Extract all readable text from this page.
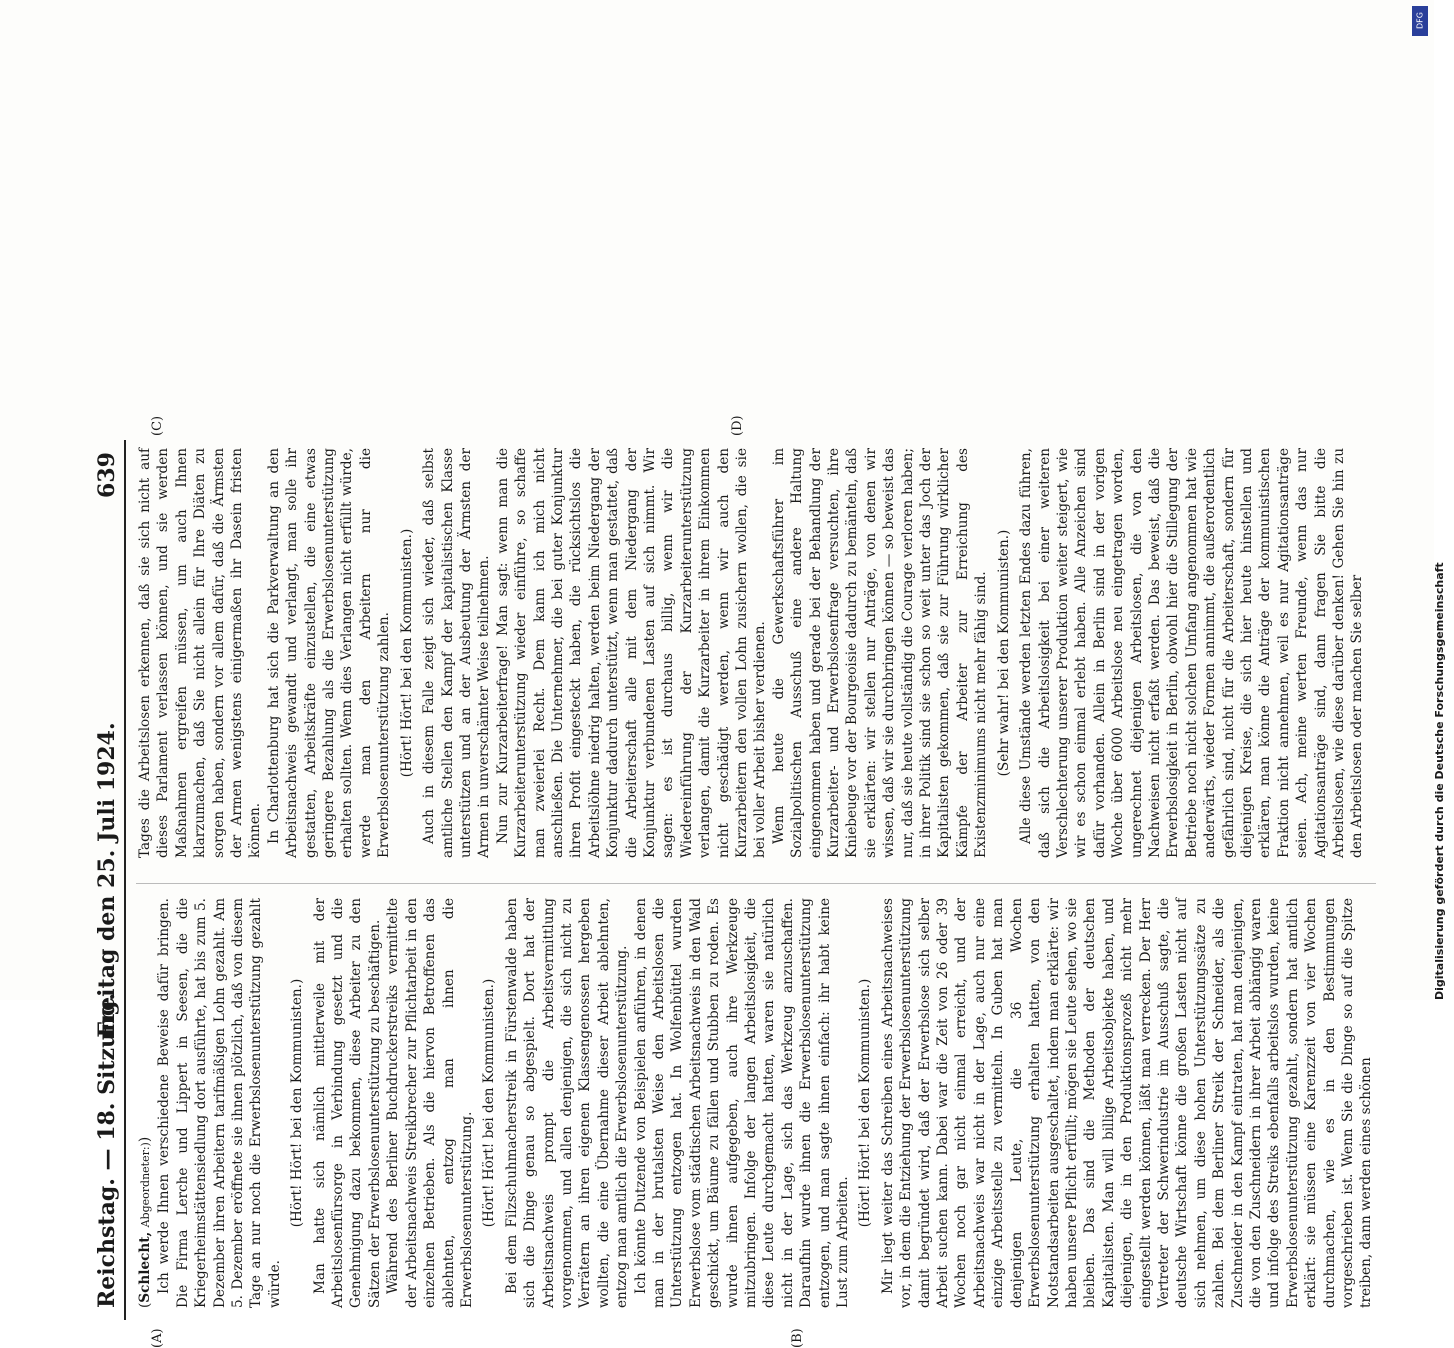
Reichstag. — 18. Sitzung.
Freitag den 25. Juli 1924.
639
(A)	(B)
(C)	(D)

(Schlecht, Abgeordneter:)) Ich werde Ihnen verschiedene Beweise dafür bringen. Die Firma Lerche und Lippert in Seesen, die die Kriegerheimstättensiedlung dort ausführte, hat bis zum 5. Dezember ihren Arbeitern tarifmäßigen Lohn gezahlt. Am 5. Dezember eröffnete sie ihnen plötzlich, daß von diesem Tage an nur noch die Erwerbslosenunterstützung gezahlt würde.

(Hört! Hört! bei den Kommunisten.) Man hatte sich nämlich mittlerweile mit der Arbeitslosenfürsorge in Verbindung gesetzt und die Genehmigung dazu bekommen, diese Arbeiter zu den Sätzen der Erwerbslosenunterstützung zu beschäftigen. Während des Berliner Buchdruckerstreiks vermittelte der Arbeitsnachweis Streikbrecher zur Pflichtarbeit in den einzelnen Betrieben. Als die hiervon Betroffenen das ablehnten, entzog man ihnen die Erwerbslosenunterstützung. (Hört! Hört! bei den Kommunisten.) Bei dem Filzschuhmacherstreik in Fürstenwalde haben sich die Dinge genau so abgespielt. Dort hat der Arbeitsnachweis prompt die Arbeitsvermittlung vorgenommen, und allen denjenigen, die sich nicht zu Verrätern an ihren eigenen Klassengenossen hergeben wollten, die eine Übernahme dieser Arbeit ablehnten, entzog man amtlich die Erwerbslosenunterstützung. Ich könnte Dutzende von Beispielen anführen, in denen man in der brutalsten Weise den Arbeitslosen die Unterstützung entzogen hat. In Wolfenbüttel wurden Erwerbslose vom städtischen Arbeitsnachweis in den Wald geschickt, um Bäume zu fällen und Stubben zu roden. Es wurde ihnen aufgegeben, auch ihre Werkzeuge mitzubringen. Infolge der langen Arbeitslosigkeit, die diese Leute durchgemacht hatten, waren sie natürlich nicht in der Lage, sich das Werkzeug anzuschaffen. Daraufhin wurde ihnen die Erwerbslosenunterstützung entzogen, und man sagte ihnen einfach: ihr habt keine Lust zum Arbeiten.

(Hört! Hört! bei den Kommunisten.) Mir liegt weiter das Schreiben eines Arbeitsnachweises vor, in dem die Entziehung der Erwerbslosenunterstützung damit begründet wird, daß der Erwerbslose sich selber Arbeit suchen kann. Dabei war die Zeit von 26 oder 39 Wochen noch gar nicht einmal erreicht, und der Arbeitsnachweis war nicht in der Lage, auch nur eine einzige Arbeitsstelle zu vermitteln. In Guben hat man denjenigen Leute, die 36 Wochen Erwerbslosenunterstützung erhalten hatten, von den Notstandsarbeiten ausgeschaltet, indem man erklärte: wir haben unsere Pflicht erfüllt; mögen sie Leute sehen, wo sie bleiben. Das sind die Methoden der deutschen Kapitalisten. Man will billige Arbeitsobjekte haben, und diejenigen, die in den Produktionsprozeß nicht mehr eingestellt werden können, läßt man verrecken. Der Herr Vertreter der Schwerindustrie im Ausschuß sagte, die deutsche Wirtschaft könne die großen Lasten nicht auf sich nehmen, um diese hohen Unterstützungssätze zu zahlen. Bei dem Berliner Streik der Schneider, als die Zuschneider in den Kampf eintraten, hat man denjenigen, die von den Zuschneidern in ihrer Arbeit abhängig waren und infolge des Streiks ebenfalls arbeitslos wurden, keine Erwerbslosenunterstützung gezahlt, sondern hat amtlich erklärt: sie müssen eine Karenzzeit von vier Wochen durchmachen, wie es in den Bestimmungen vorgeschrieben ist. Wenn Sie die Dinge so auf die Spitze treiben, dann werden eines schönen

Tages die Arbeitslosen erkennen, daß sie sich nicht auf dieses Parlament verlassen können, und sie werden Maßnahmen ergreifen müssen, um auch Ihnen klarzumachen, daß Sie nicht allein für Ihre Diäten zu sorgen haben, sondern vor allem dafür, daß die Ärmsten der Armen wenigstens einigermaßen ihr Dasein fristen können. In Charlottenburg hat sich die Parkverwaltung an den Arbeitsnachweis gewandt und verlangt, man solle ihr gestatten, Arbeitskräfte einzustellen, die eine etwas geringere Bezahlung als die Erwerbslosenunterstützung erhalten sollten. Wenn dies Verlangen nicht erfüllt würde, werde man den Arbeitern nur die Erwerbslosenunterstützung zahlen. (Hört! Hört! bei den Kommunisten.) Auch in diesem Falle zeigt sich wieder, daß selbst amtliche Stellen den Kampf der kapitalistischen Klasse unterstützen und an der Ausbeutung der Ärmsten der Armen in unverschämter Weise teilnehmen. Nun zur Kurzarbeiterfrage! Man sagt: wenn man die Kurzarbeiterunterstützung wieder einführe, so schaffe man zweierlei Recht. Dem kann ich mich nicht anschließen. Die Unternehmer, die bei guter Konjunktur ihren Profit eingesteckt haben, die rücksichtslos die Arbeitslöhne niedrig halten, werden beim Niedergang der Konjunktur dadurch unterstützt, wenn man gestattet, daß die Arbeiterschaft alle mit dem Niedergang der Konjunktur verbundenen Lasten auf sich nimmt. Wir sagen: es ist durchaus billig, wenn wir die Wiedereinführung der Kurzarbeiterunterstützung verlangen, damit die Kurzarbeiter in ihrem Einkommen nicht geschädigt werden, wenn wir auch den Kurzarbeitern den vollen Lohn zusichern wollen, die sie bei voller Arbeit bisher verdienen. Wenn heute die Gewerkschaftsführer im Sozialpolitischen Ausschuß eine andere Haltung eingenommen haben und gerade bei der Behandlung der Kurzarbeiter- und Erwerbslosenfrage versuchten, ihre Kniebeuge vor der Bourgeoisie dadurch zu bemänteln, daß sie erklärten: wir stellen nur Anträge, von denen wir wissen, daß wir sie durchbringen können — so beweist das nur, daß sie heute vollständig die Courage verloren haben; in ihrer Politik sind sie schon so weit unter das Joch der Kapitalisten gekommen, daß sie zur Führung wirklicher Kämpfe der Arbeiter zur Erreichung des Existenzminimums nicht mehr fähig sind. (Sehr wahr! bei den Kommunisten.) Alle diese Umstände werden letzten Endes dazu führen, daß sich die Arbeitslosigkeit bei einer weiteren Verschlechterung unserer Produktion weiter steigert, wie wir es schon einmal erlebt haben. Alle Anzeichen sind dafür vorhanden. Allein in Berlin sind in der vorigen Woche über 6000 Arbeitslose neu eingetragen worden, ungerechnet diejenigen Arbeitslosen, die von den Nachweisen nicht erfaßt werden. Das beweist, daß die Erwerbslosigkeit in Berlin, obwohl hier die Stillegung der Betriebe noch nicht solchen Umfang angenommen hat wie anderwärts, wieder Formen annimmt, die außerordentlich gefährlich sind, nicht für die Arbeiterschaft, sondern für diejenigen Kreise, die sich hier heute hinstellen und erklären, man könne die Anträge der kommunistischen Fraktion nicht annehmen, weil es nur Agitationsanträge seien. Ach, meine werten Freunde, wenn das nur Agitationsanträge sind, dann fragen Sie bitte die Arbeitslosen, wie diese darüber denken! Gehen Sie hin zu den Arbeitslosen oder machen Sie selber

DFG
Digitalisierung gefördert durch die Deutsche Forschungsgemeinschaft
